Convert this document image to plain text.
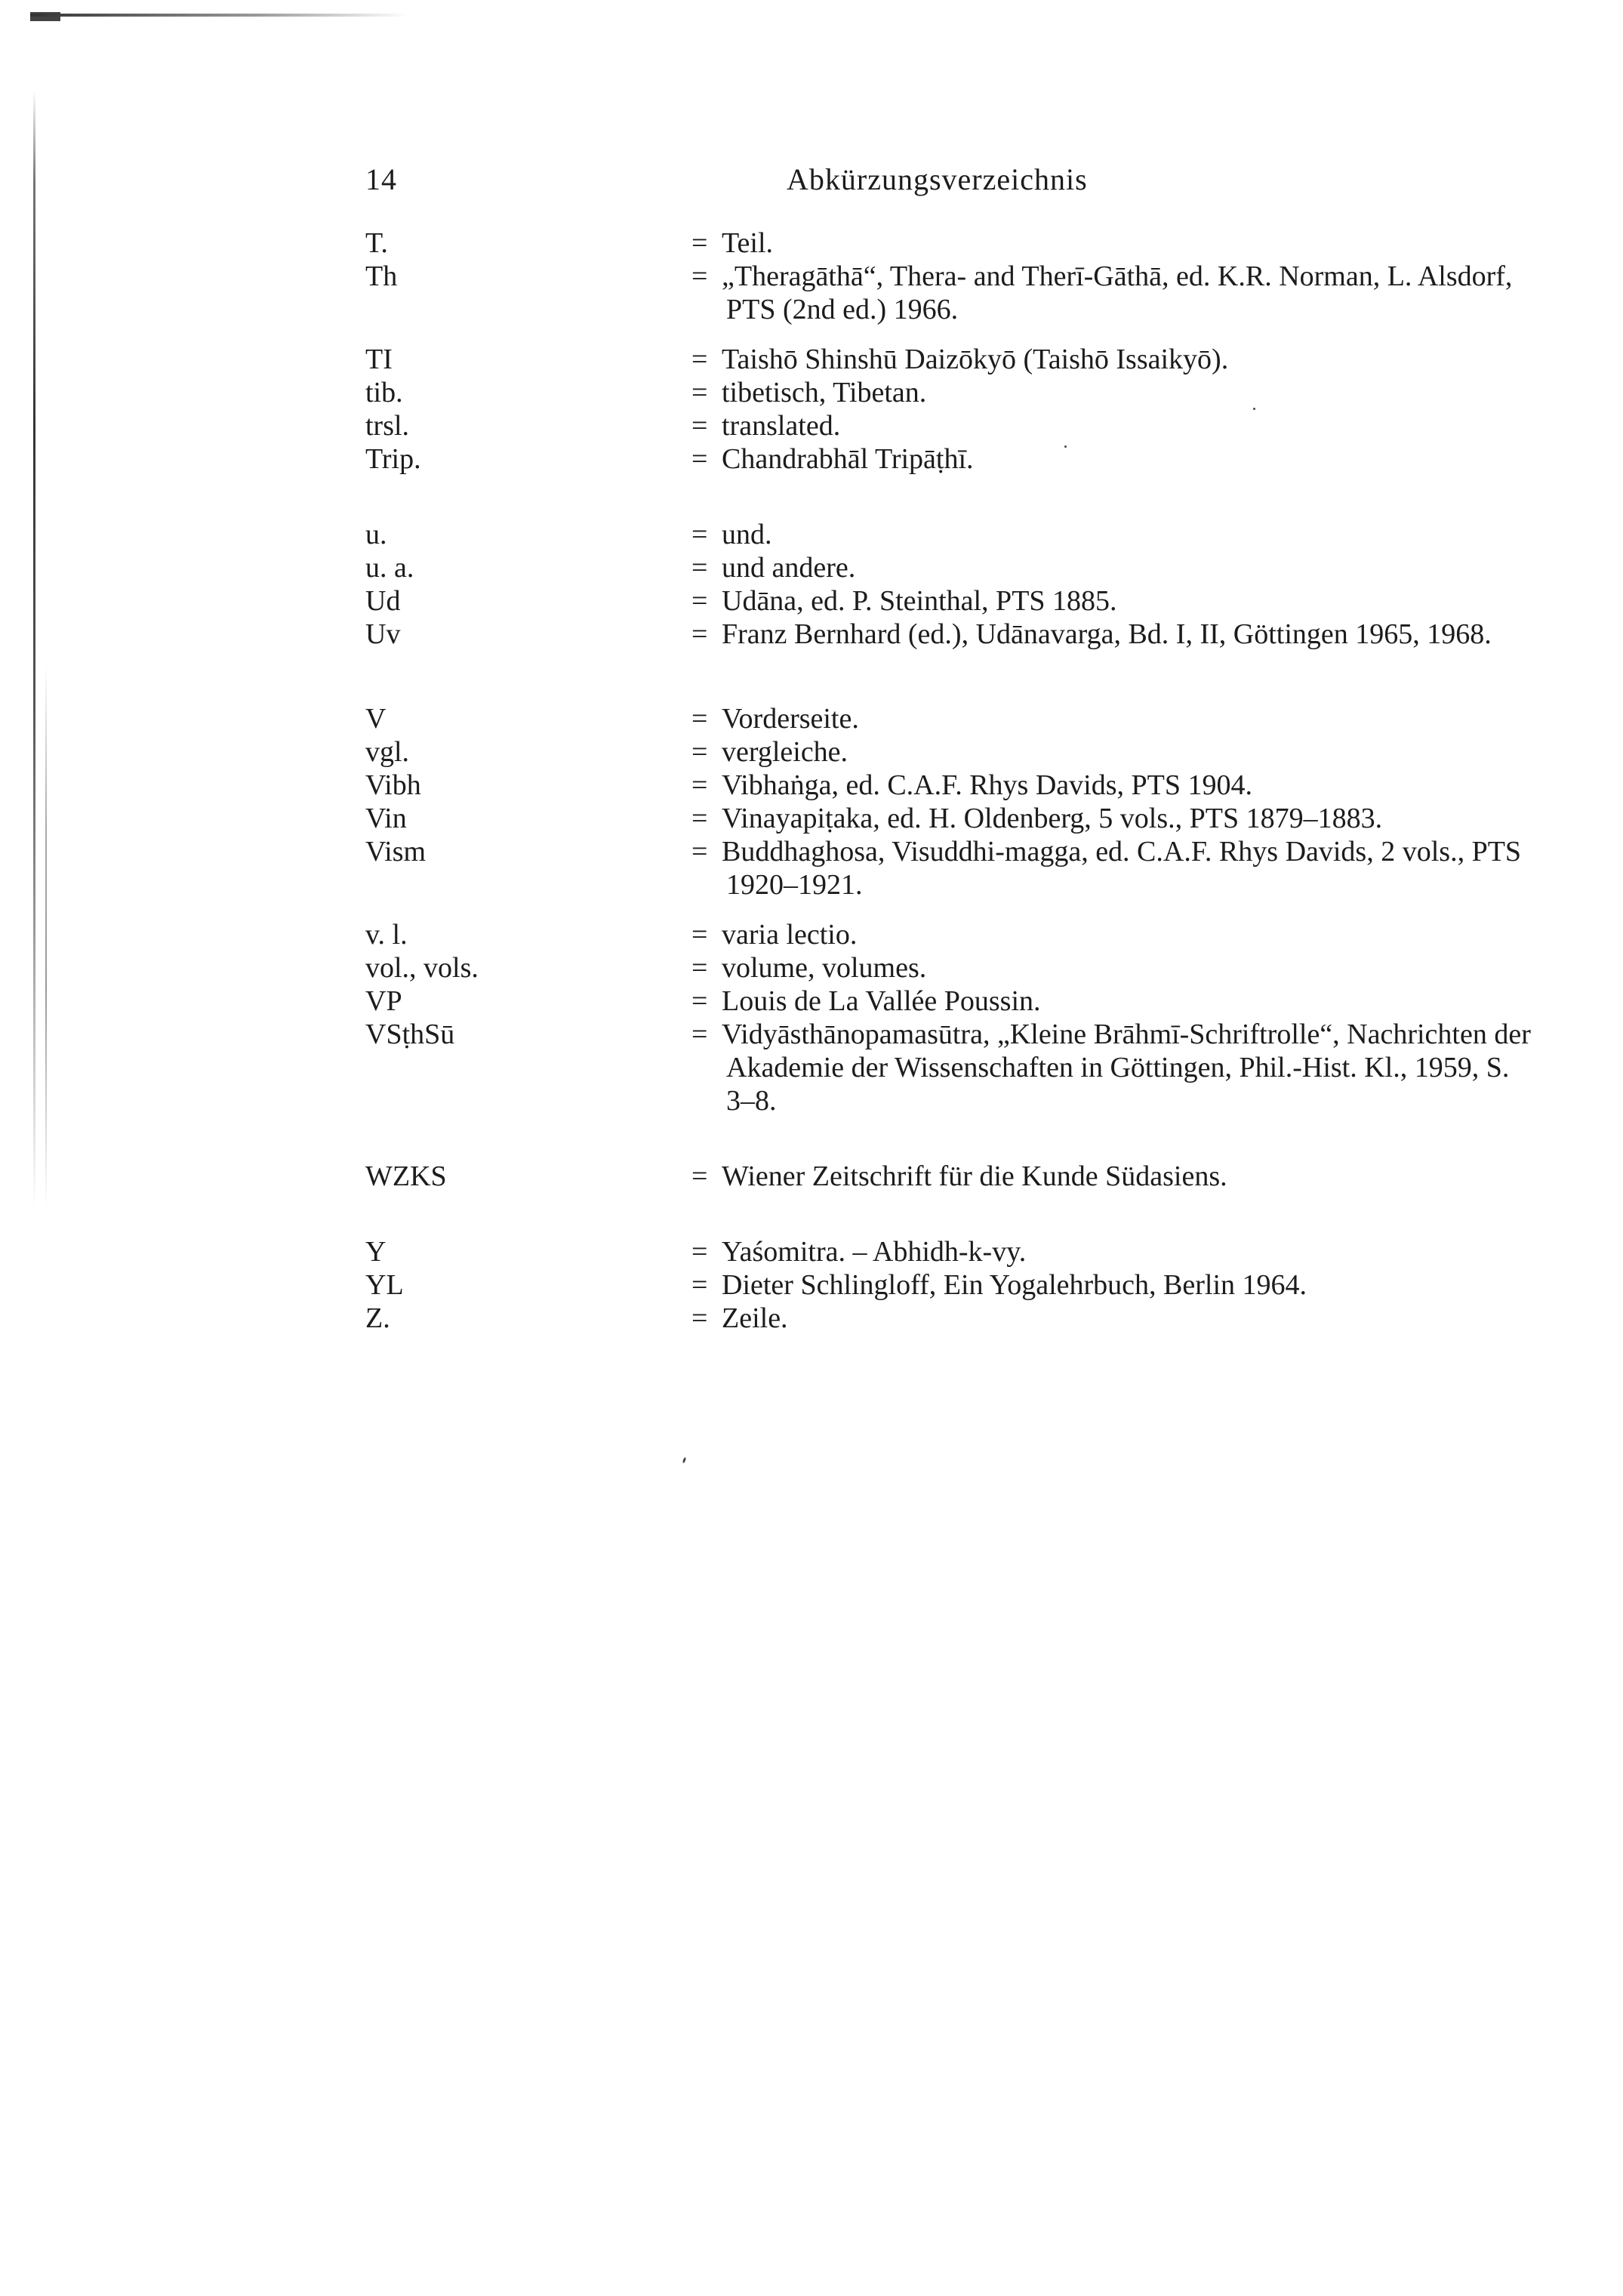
14	Abkürzungsverzeichnis
T.	= Teil.
Th	= „Theragāthā“, Thera- and Therī-Gāthā, ed. K.R. Norman, L. Alsdorf, PTS (2nd ed.) 1966.
TI	= Taishō Shinshū Daizōkyō (Taishō Issaikyō).
tib.	= tibetisch, Tibetan.
trsl.	= translated.
Trip.	= Chandrabhāl Tripāṭhī.
u.	= und.
u. a.	= und andere.
Ud	= Udāna, ed. P. Steinthal, PTS 1885.
Uv	= Franz Bernhard (ed.), Udānavarga, Bd. I, II, Göttingen 1965, 1968.
V	= Vorderseite.
vgl.	= vergleiche.
Vibh	= Vibhaṅga, ed. C.A.F. Rhys Davids, PTS 1904.
Vin	= Vinayapiṭaka, ed. H. Oldenberg, 5 vols., PTS 1879–1883.
Vism	= Buddhaghosa, Visuddhi-magga, ed. C.A.F. Rhys Davids, 2 vols., PTS 1920–1921.
v. l.	= varia lectio.
vol., vols.	= volume, volumes.
VP	= Louis de La Vallée Poussin.
VSṭhSū	= Vidyāsthānopamasūtra, „Kleine Brāhmī-Schriftrolle“, Nachrichten der Akademie der Wissenschaften in Göttingen, Phil.-Hist. Kl., 1959, S. 3–8.
WZKS	= Wiener Zeitschrift für die Kunde Südasiens.
Y	= Yaśomitra. – Abhidh-k-vy.
YL	= Dieter Schlingloff, Ein Yogalehrbuch, Berlin 1964.
Z.	= Zeile.
